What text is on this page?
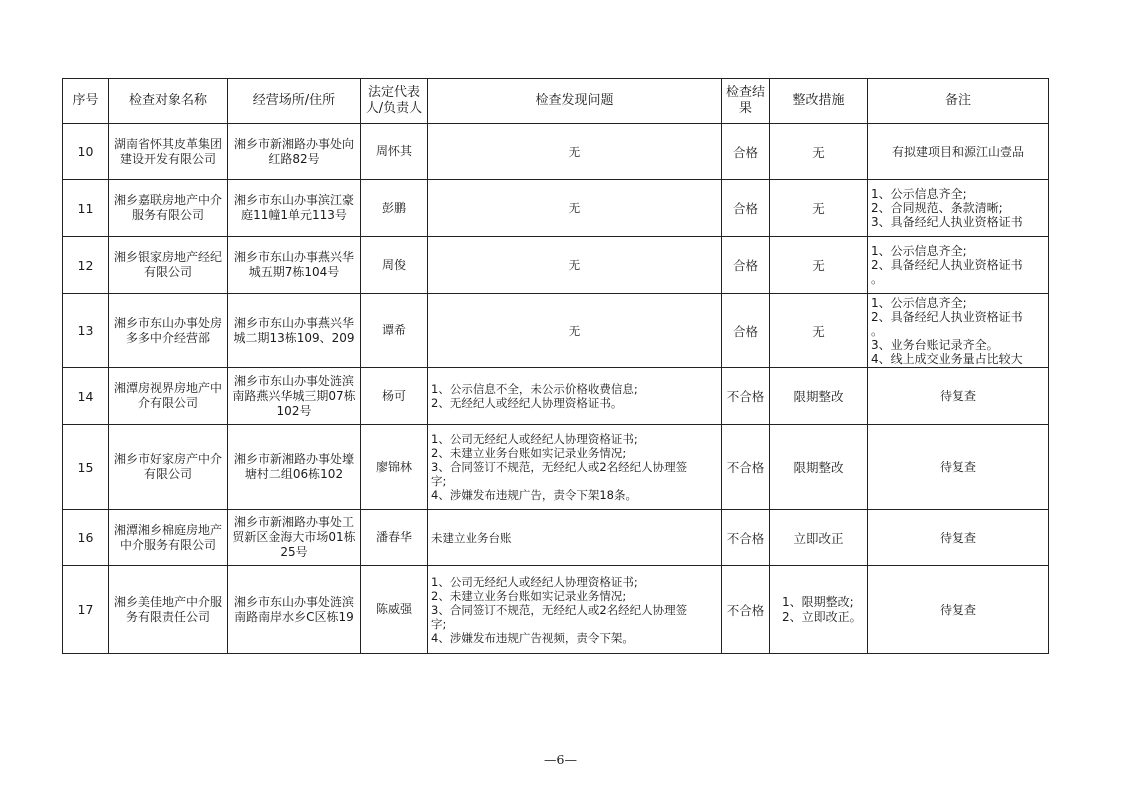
序号	检查对象名称	经营场所/住所	法定代表人/负责人	检查发现问题	检查结果	整改措施	备注
10	湖南省怀其皮革集团建设开发有限公司	湘乡市新湘路办事处向红路82号	周怀其	无	合格	无	有拟建项目和源江山壹品

11	湘乡嘉联房地产中介服务有限公司	湘乡市东山办事滨江豪庭11幢1单元113号	彭鹏	无	合格	无	1、公示信息齐全;
2、合同规范、条款清晰;
3、具备经纪人执业资格证书

12	湘乡银家房地产经纪有限公司	湘乡市东山办事燕兴华城五期7栋104号	周俊	无	合格	无	1、公示信息齐全;
2、具备经纪人执业资格证书
。

13	湘乡市东山办事处房多多中介经营部	湘乡市东山办事燕兴华城二期13栋109、209	谭希	无	合格	无	1、公示信息齐全;
2、具备经纪人执业资格证书
。
3、业务台账记录齐全。
4、线上成交业务量占比较大

14	湘潭房视界房地产中介有限公司	湘乡市东山办事处涟滨南路燕兴华城三期07栋102号	杨可	1、公示信息不全，未公示价格收费信息;
2、无经纪人或经纪人协理资格证书。	不合格	限期整改	待复查

15	湘乡市好家房产中介有限公司	湘乡市新湘路办事处壕塘村二组06栋102	廖锦林	1、公司无经纪人或经纪人协理资格证书;
2、未建立业务台账如实记录业务情况;
3、合同签订不规范，无经纪人或2名经纪人协理签
字;
4、涉嫌发布违规广告，责令下架18条。	不合格	限期整改	待复查

16	湘潭湘乡棉庭房地产中介服务有限公司	湘乡市新湘路办事处工贸新区金海大市场01栋25号	潘春华	未建立业务台账	不合格	立即改正	待复查

17	湘乡美佳地产中介服务有限责任公司	湘乡市东山办事处涟滨南路南岸水乡C区栋19	陈威强	1、公司无经纪人或经纪人协理资格证书;
2、未建立业务台账如实记录业务情况;
3、合同签订不规范，无经纪人或2名经纪人协理签
字;
4、涉嫌发布违规广告视频，责令下架。	不合格	1、限期整改;
2、立即改正。	待复查
—6—
